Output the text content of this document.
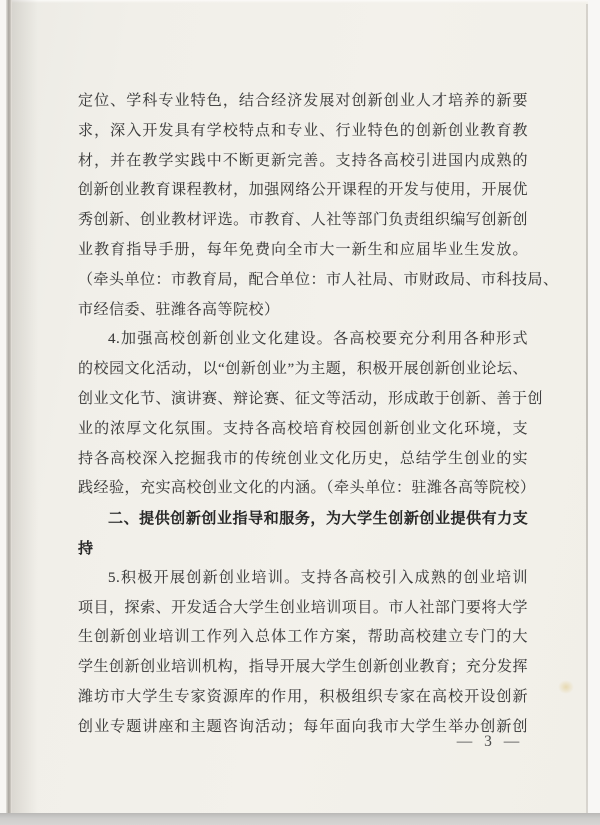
定位、学科专业特色，结合经济发展对创新创业人才培养的新要
求，深入开发具有学校特点和专业、行业特色的创新创业教育教
材，并在教学实践中不断更新完善。支持各高校引进国内成熟的
创新创业教育课程教材，加强网络公开课程的开发与使用，开展优
秀创新、创业教材评选。市教育、人社等部门负责组织编写创新创
业教育指导手册，每年免费向全市大一新生和应届毕业生发放。
（牵头单位：市教育局，配合单位：市人社局、市财政局、市科技局、
市经信委、驻潍各高等院校）
4.加强高校创新创业文化建设。各高校要充分利用各种形式
的校园文化活动，以“创新创业”为主题，积极开展创新创业论坛、
创业文化节、演讲赛、辩论赛、征文等活动，形成敢于创新、善于创
业的浓厚文化氛围。支持各高校培育校园创新创业文化环境，支
持各高校深入挖掘我市的传统创业文化历史，总结学生创业的实
践经验，充实高校创业文化的内涵。（牵头单位：驻潍各高等院校）
二、提供创新创业指导和服务，为大学生创新创业提供有力支
持
5.积极开展创新创业培训。支持各高校引入成熟的创业培训
项目，探索、开发适合大学生创业培训项目。市人社部门要将大学
生创新创业培训工作列入总体工作方案，帮助高校建立专门的大
学生创新创业培训机构，指导开展大学生创新创业教育；充分发挥
潍坊市大学生专家资源库的作用，积极组织专家在高校开设创新
创业专题讲座和主题咨询活动；每年面向我市大学生举办创新创
— 3 —
